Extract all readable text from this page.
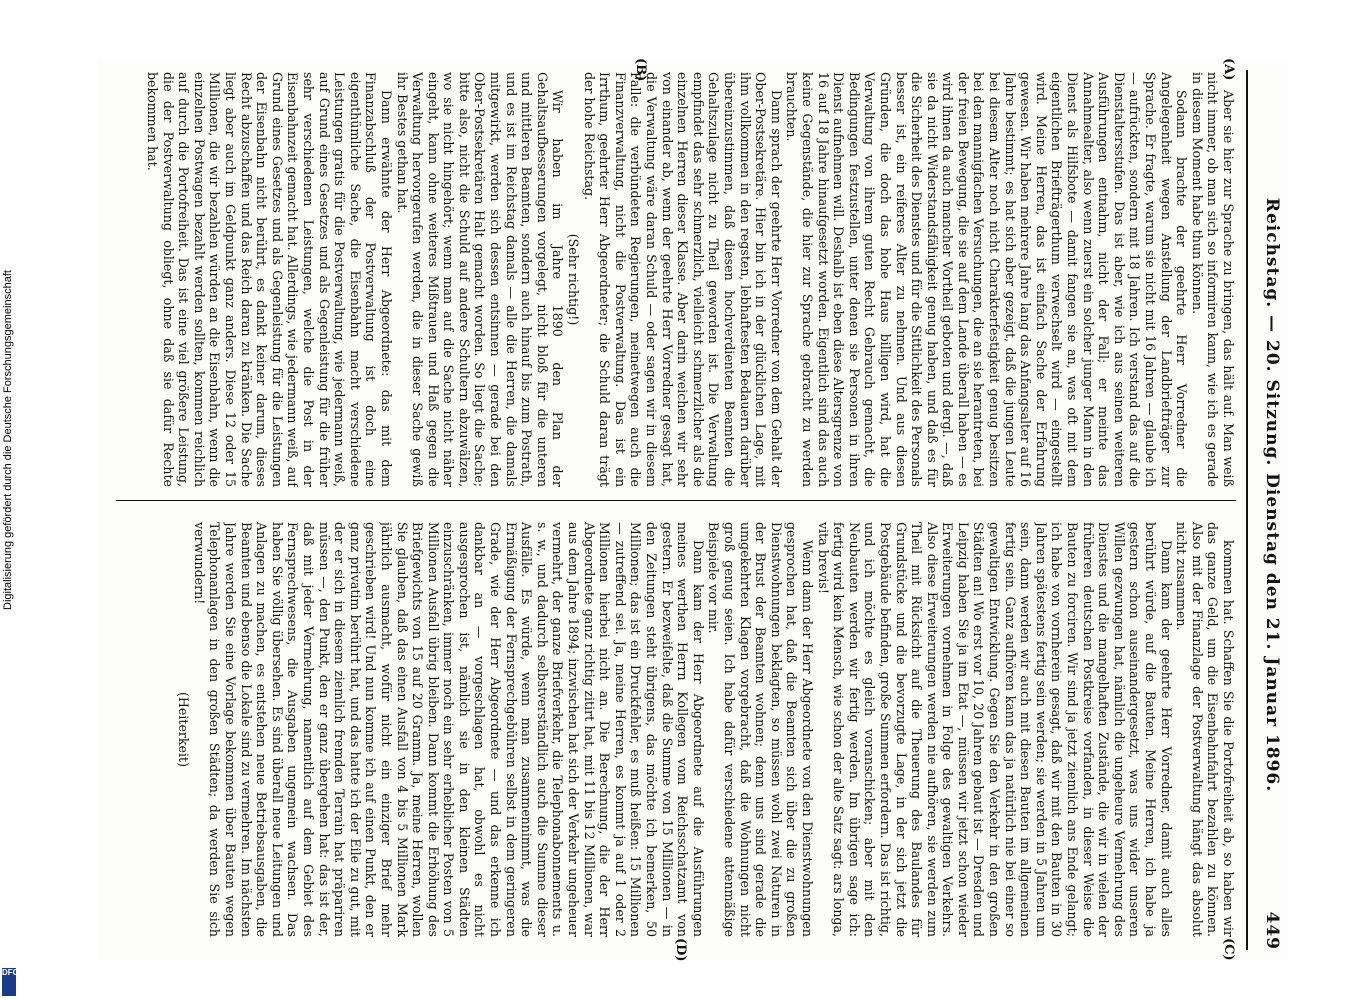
Reichstag. — 20. Sitzung. Dienstag den 21. Januar 1896.
449
(A)
(B)
(C)
(D)

Aber sie hier zur Sprache zu bringen, das hält auf. Man weiß nicht immer, ob man sich so informiren kann, wie ich es gerade in diesem Moment habe thun können.

Sodann brachte der geehrte Herr Vorredner die Angelegenheit wegen Anstellung der Landbriefträger zur Sprache. Er fragte, warum sie nicht mit 16 Jahren — glaube ich — aufrückten, sondern mit 18 Jahren. Ich verstand das auf die Dienstaltersstufen. Das ist aber, wie ich aus seinen weiteren Ausführungen entnahm, nicht der Fall; er meinte das Annahmealter, also wenn zuerst ein solcher junger Mann in den Dienst als Hilfsbote — damit fangen sie an, was oft mit dem eigentlichen Briefträgerthum verwechselt wird — eingestellt wird. Meine Herren, das ist einfach Sache der Erfahrung gewesen. Wir haben mehrere Jahre lang das Anfangsalter auf 16 Jahre bestimmt; es hat sich aber gezeigt, daß die jungen Leute bei diesem Alter noch nicht Charakterfestigkeit genug besitzen bei den mannigfachen Versuchungen, die an sie herantreten, bei der freien Bewegung, die sie auf dem Lande überall haben — es wird ihnen da auch mancher Vortheil geboten und dergl. —, daß sie da nicht Widerstandsfähigkeit genug haben, und daß es für die Sicherheit des Dienstes und für die Sittlichkeit des Personals besser ist, ein reiferes Alter zu nehmen. Und aus diesen Gründen, die doch das hohe Haus billigen wird, hat die Verwaltung von ihrem guten Recht Gebrauch gemacht, die Bedingungen festzustellen, unter denen sie Personen in ihren Dienst aufnehmen will. Deshalb ist eben diese Altersgrenze von 16 auf 18 Jahre hinaufgesetzt worden. Eigentlich sind das auch keine Gegenstände, die hier zur Sprache gebracht zu werden brauchten.

Dann sprach der geehrte Herr Vorredner von dem Gehalt der Ober-Postsekretäre. Hier bin ich in der glücklichen Lage, mit ihm vollkommen in den regsten, lebhaftesten Bedauern darüber übereinzustimmen, daß diesen hochverdienten Beamten die Gehaltszulage nicht zu Theil geworden ist. Die Verwaltung empfindet das sehr schmerzlich, vielleicht schmerzlicher als die einzelnen Herren dieser Klasse. Aber darin weichen wir sehr von einander ab, wenn der geehrte Herr Vorredner gesagt hat, die Verwaltung wäre daran Schuld — oder sagen wir in diesem Falle: die verbündeten Regierungen, meinetwegen auch die Finanzverwaltung, nicht die Postverwaltung. Das ist ein Irrthum, geehrter Herr Abgeordneter; die Schuld daran trägt der hohe Reichstag.

(Sehr richtig!)

Wir haben im Jahre 1890 den Plan der Gehaltsaufbesserungen vorgelegt, nicht bloß für die unteren und mittleren Beamten, sondern auch hinauf bis zum Postrath, und es ist im Reichstag damals — alle die Herren, die damals mitgewirkt, werden sich dessen entsinnen — gerade bei den Ober-Postsekretären Halt gemacht worden. So liegt die Sache; bitte also, nicht die Schuld auf andere Schultern abzuwälzen, wo sie nicht hingehört; wenn man auf die Sache nicht näher eingeht, kann ohne weiteres Mißtrauen und Haß gegen die Verwaltung hervorgerufen werden, die in dieser Sache gewiß ihr Bestes gethan hat.

Dann erwähnte der Herr Abgeordnete: das mit dem Finanzabschluß der Postverwaltung ist doch eine eigenthümliche Sache, die Eisenbahn macht verschiedene Leistungen gratis für die Postverwaltung, wie jedermann weiß, auf Grund eines Gesetzes und als Gegenleistung für die früher sehr verschiedenen Leistungen, welche die Post in der Eisenbahnzeit gemacht hat. Allerdings, wie jedermann weiß, auf Grund eines Gesetzes und als Gegenleistung für die Leistungen der Eisenbahn nicht berührt, es dankt keiner darum, dieses Recht abzuschaffen und das Reich daran zu kränken. Die Sache liegt aber auch im Geldpunkt ganz anders. Diese 12 oder 15 Millionen, die wir bezahlen würden an die Eisenbahn, wenn die einzelnen Postwagen bezahlt werden sollten, kommen reichlich auf durch die Portofreiheit. Das ist eine viel größere Leistung, die der Postverwaltung obliegt, ohne daß sie dafür Rechte bekommen hat.

kommen hat. Schaffen Sie die Portofreiheit ab, so haben wir das ganze Geld, um die Eisenbahnfahrt bezahlen zu können. Also mit der Finanzlage der Postverwaltung hängt das absolut nicht zusammen.

Dann kam der geehrte Herr Vorredner, damit auch alles berührt würde, auf die Bauten. Meine Herren, ich habe ja gestern schon auseinandergesetzt, was uns wider unseren Willen gezwungen hat, nämlich die ungeheure Vermehrung des Dienstes und die mangelhaften Zustände, die wir in vielen der früheren deutschen Postkreise vorfanden, in dieser Weise die Bauten zu forciren. Wir sind ja jetzt ziemlich ans Ende gelangt; ich habe von vornherein gesagt, daß wir mit den Bauten in 30 Jahren spätestens fertig sein werden; sie werden in 5 Jahren um sein, dann werden wir auch mit diesen Bauten im allgemeinen fertig sein. Ganz aufhören kann das ja natürlich nie bei einer so gewaltigen Entwicklung. Gegen Sie den Verkehr in den großen Städten an! Wo erst vor 10, 20 Jahren gebaut ist — Dresden und Leipzig haben Sie ja im Etat —, müssen wir jetzt schon wieder Erweiterungen vornehmen in Folge des gewaltigen Verkehrs. Also diese Erweiterungen werden nie aufhören, sie werden zum Theil mit Rücksicht auf die Theuerung des Baulandes für Grundstücke und die bevorzugte Lage, in der sich jetzt die Postgebäude befinden, große Summen erfordern. Das ist richtig, und ich möchte es gleich voranschicken; aber mit den Neubauten werden wir fertig werden. Im übrigen sage ich: fertig wird kein Mensch, wie schon der alte Satz sagt: ars longa, vita brevis!

Wenn dann der Herr Abgeordnete von den Dienstwohnungen gesprochen hat, daß die Beamten sich über die zu großen Dienstwohnungen beklagten, so müssen wohl zwei Naturen in der Brust der Beamten wohnen; denn uns sind gerade die umgekehrten Klagen vorgebracht, daß die Wohnungen nicht groß genug seien. Ich habe dafür verschiedene attenmäßige Beispiele vor mir.

Dann kam der Herr Abgeordnete auf die Ausführungen meines werthen Herrn Kollegen vom Reichsschatzamt von gestern. Er bezweifelte, daß die Summe von 15 Millionen — in den Zeitungen steht übrigens, das möchte ich bemerken, 50 Millionen; das ist ein Druckfehler, es muß heißen: 15 Millionen — zutreffend sei. Ja, meine Herren, es kommt ja auf 1 oder 2 Millionen hierbei nicht an. Die Berechnung, die der Herr Abgeordnete ganz richtig zitirt hat, mit 11 bis 12 Millionen, war aus dem Jahre 1894; inzwischen hat sich der Verkehr ungeheuer vermehrt, der ganze Briefverkehr, die Telephonabonnements u. s. w., und dadurch selbstverständlich auch die Summe dieser Ausfälle. Es würde, wenn man zusammennimmt, was die Ermäßigung der Fernsprechgebühren selbst in dem geringeren Grade, wie der Herr Abgeordnete — und das erkenne ich dankbar an — vorgeschlagen hat, obwohl es nicht ausgesprochen ist, nämlich sie in den kleinen Städten einzuschränken, immer noch ein sehr erheblicher Posten von 5 Millionen Ausfall übrig bleiben. Dann kommt die Erhöhung des Briefgewichts von 15 auf 20 Gramm. Ja, meine Herren, wollen Sie glauben, daß das einen Ausfall von 4 bis 5 Millionen Mark jährlich ausmacht, wofür nicht ein einziger Brief mehr geschrieben wird! Und nun komme ich auf einen Punkt, den er ganz privatim berührt hat, und das hatte ich der Eile zu gut, mit der er sich in diesem ziemlich fremden Terrain hat präpariren müssen —, den Punkt, den er ganz übergehen hat: das ist der, daß mit jeder Vermehrung, namentlich auf dem Gebiet des Fernsprechwesens, die Ausgaben ungemein wachsen. Das haben Sie völlig übersehen. Es sind überall neue Leitungen und Anlagen zu machen, es entstehen neue Betriebsausgaben, die Beamten und ebenso die Lokale sind zu vermehren. Im nächsten Jahre werden Sie eine Vorlage bekommen über Bauten wegen Telephonanlagen in den großen Städten; da werden Sie sich verwundern!

(Heiterkeit)

Digitalisierung gefördert durch die Deutsche Forschungsgemeinschaft
DFG
